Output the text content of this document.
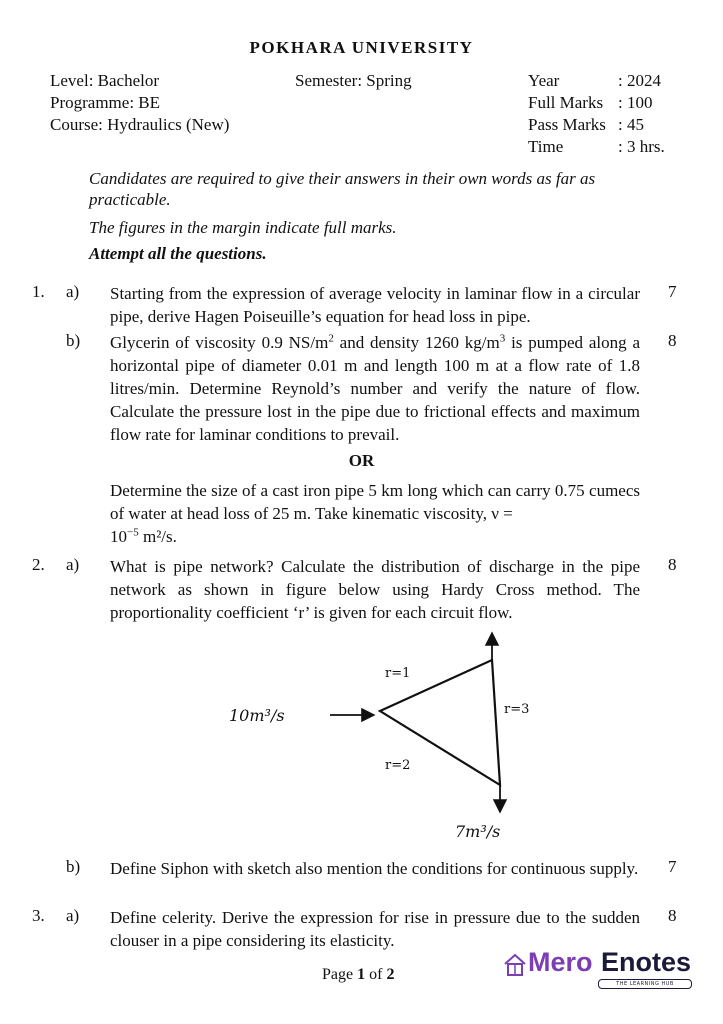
POKHARA UNIVERSITY
Level: Bachelor
Programme: BE
Course: Hydraulics (New)
Semester: Spring	Year	: 2024
Full Marks : 100
Pass Marks : 45
Time	: 3 hrs.
Candidates are required to give their answers in their own words as far as practicable.
The figures in the margin indicate full marks.
Attempt all the questions.
1. a) Starting from the expression of average velocity in laminar flow in a circular pipe, derive Hagen Poiseuille’s equation for head loss in pipe.
7
b) Glycerin of viscosity 0.9 $NS/m^2$ and density 1260 $kg/m^3$ is pumped along a horizontal pipe of diameter 0.01 m and length 100 m at a flow rate of 1.8 litres/min. Determine Reynold’s number and verify the nature of flow. Calculate the pressure lost in the pipe due to frictional effects and maximum flow rate for laminar conditions to prevail.
8
OR
Determine the size of a cast iron pipe 5 km long which can carry 0.75 cumecs of water at head loss of 25 m. Take kinematic viscosity, ν =
$10^{-5}$ m²/s.
2. a) What is pipe network? Calculate the distribution of discharge in the pipe network as shown in figure below using Hardy Cross method. The proportionality coefficient ‘r’ is given for each circuit flow.
8
10m³/s
r=1
r=2
r=3
7m³/s
b) Define Siphon with sketch also mention the conditions for continuous supply. 7
3. a) Define celerity. Derive the expression for rise in pressure due to the sudden clouser in a pipe considering its elasticity.
8
Page 1 of 2	Mero Enotes
THE LEARNING HUB
